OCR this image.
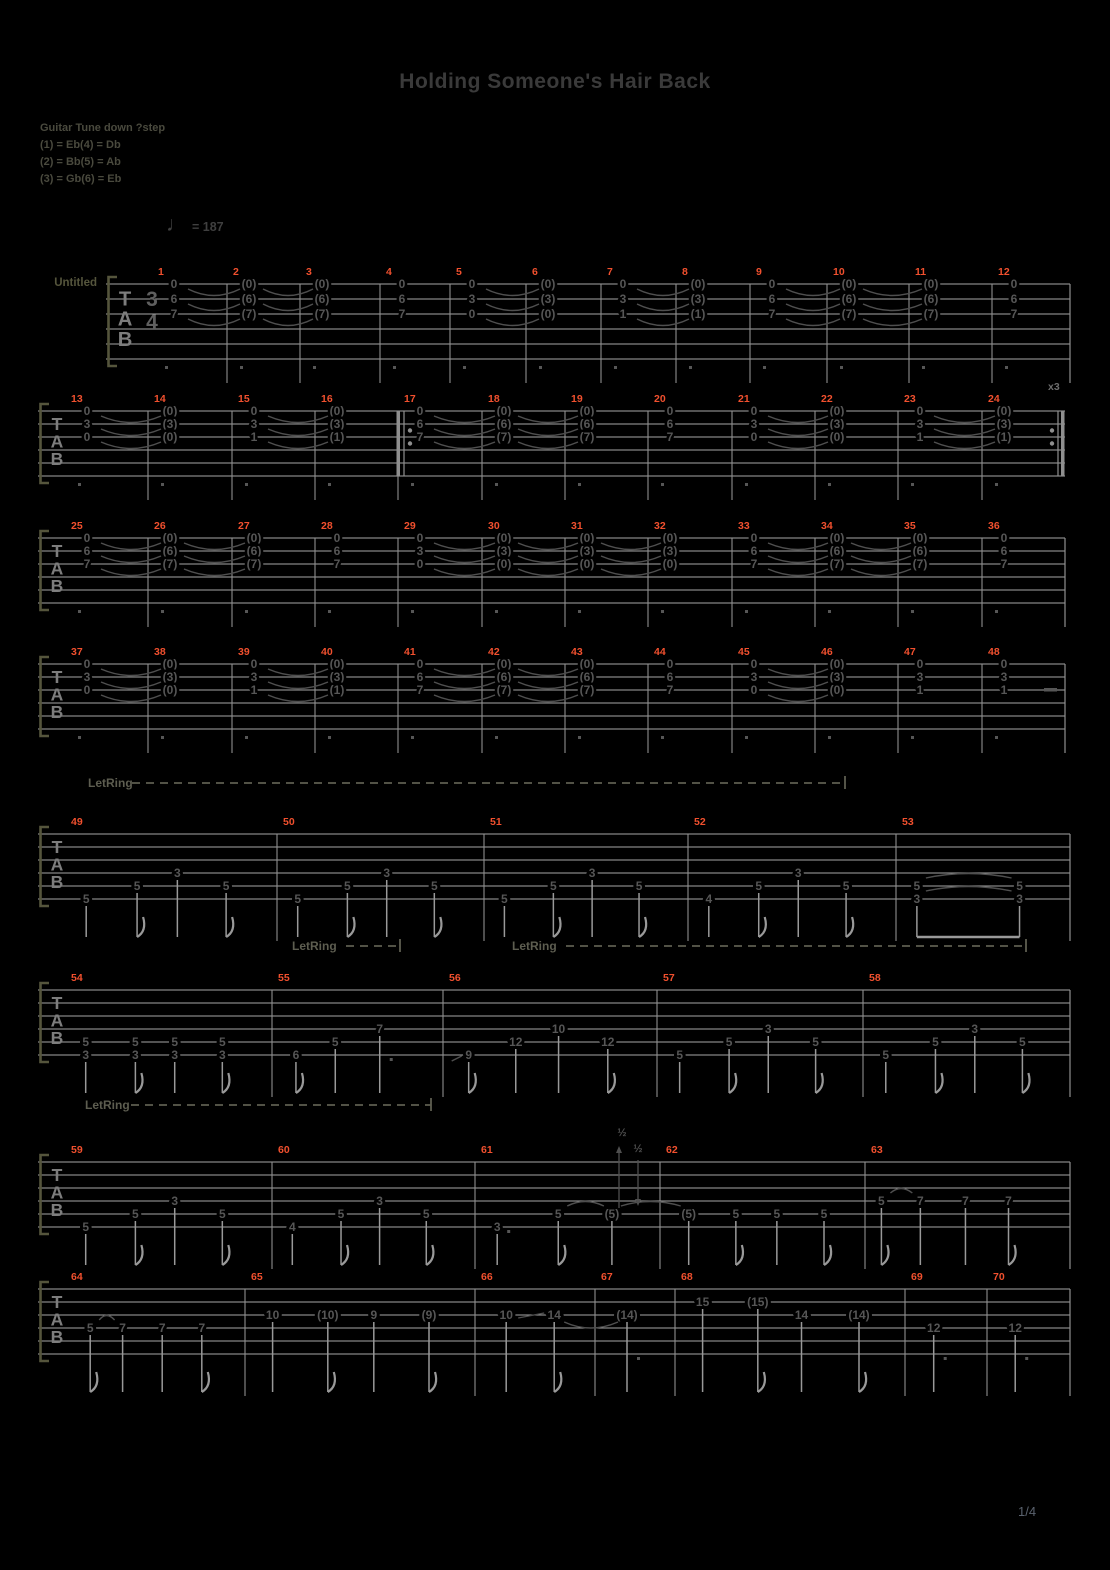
Holding Someone's Hair Back
Guitar Tune down ?step
(1) = Eb(4) = Db
(2) = Bb(5) = Ab
(3) = Gb(6) = Eb
♩ = 187
Untitled
T
A
B
3
4
1
0
6
7
2
(0)
(6)
(7)
3
(0)
(6)
(7)
4
0
6
7
5
0
3
0
6
(0)
(3)
(0)
7
0
3
1
8
(0)
(3)
(1)
9
0
6
7
10
(0)
(6)
(7)
11
(0)
(6)
(7)
12
0
6
7
T
A
B
13
0
3
0
14
(0)
(3)
(0)
15
0
3
1
16
(0)
(3)
(1)
17
0
6
7
18
(0)
(6)
(7)
19
(0)
(6)
(7)
20
0
6
7
21
0
3
0
22
(0)
(3)
(0)
23
0
3
1
24
(0)
(3)
(1)
x3
T
A
B
25
0
6
7
26
(0)
(6)
(7)
27
(0)
(6)
(7)
28
0
6
7
29
0
3
0
30
(0)
(3)
(0)
31
(0)
(3)
(0)
32
(0)
(3)
(0)
33
0
6
7
34
(0)
(6)
(7)
35
(0)
(6)
(7)
36
0
6
7
T
A
B
37
0
3
0
38
(0)
(3)
(0)
39
0
3
1
40
(0)
(3)
(1)
41
0
6
7
42
(0)
(6)
(7)
43
(0)
(6)
(7)
44
0
6
7
45
0
3
0
46
(0)
(3)
(0)
47
0
3
1
48
0
3
1
T
A
B
49
5
5
3
5
50
5
5
3
5
51
5
5
3
5
52
4
5
3
5
53
5
3
5
3
LetRing
T
A
B
54
5
3
5
3
5
3
5
3
55
6
5
7
56
9
12
10
12
57
5
5
3
5
58
5
5
3
5
LetRing	LetRing
T
A
B
59
5
5
3
5
60
4
5
3
5
61
3
5	(5)
62
(5)	5	5	5
63
5	7	7	7
LetRing
½
½
T
A
B
64
5 7	7	7
65
10	(10)	9	(9)
66
10	14
67
(14)
68
15	(15)
14	(14)
69
12
70
12
1/4
